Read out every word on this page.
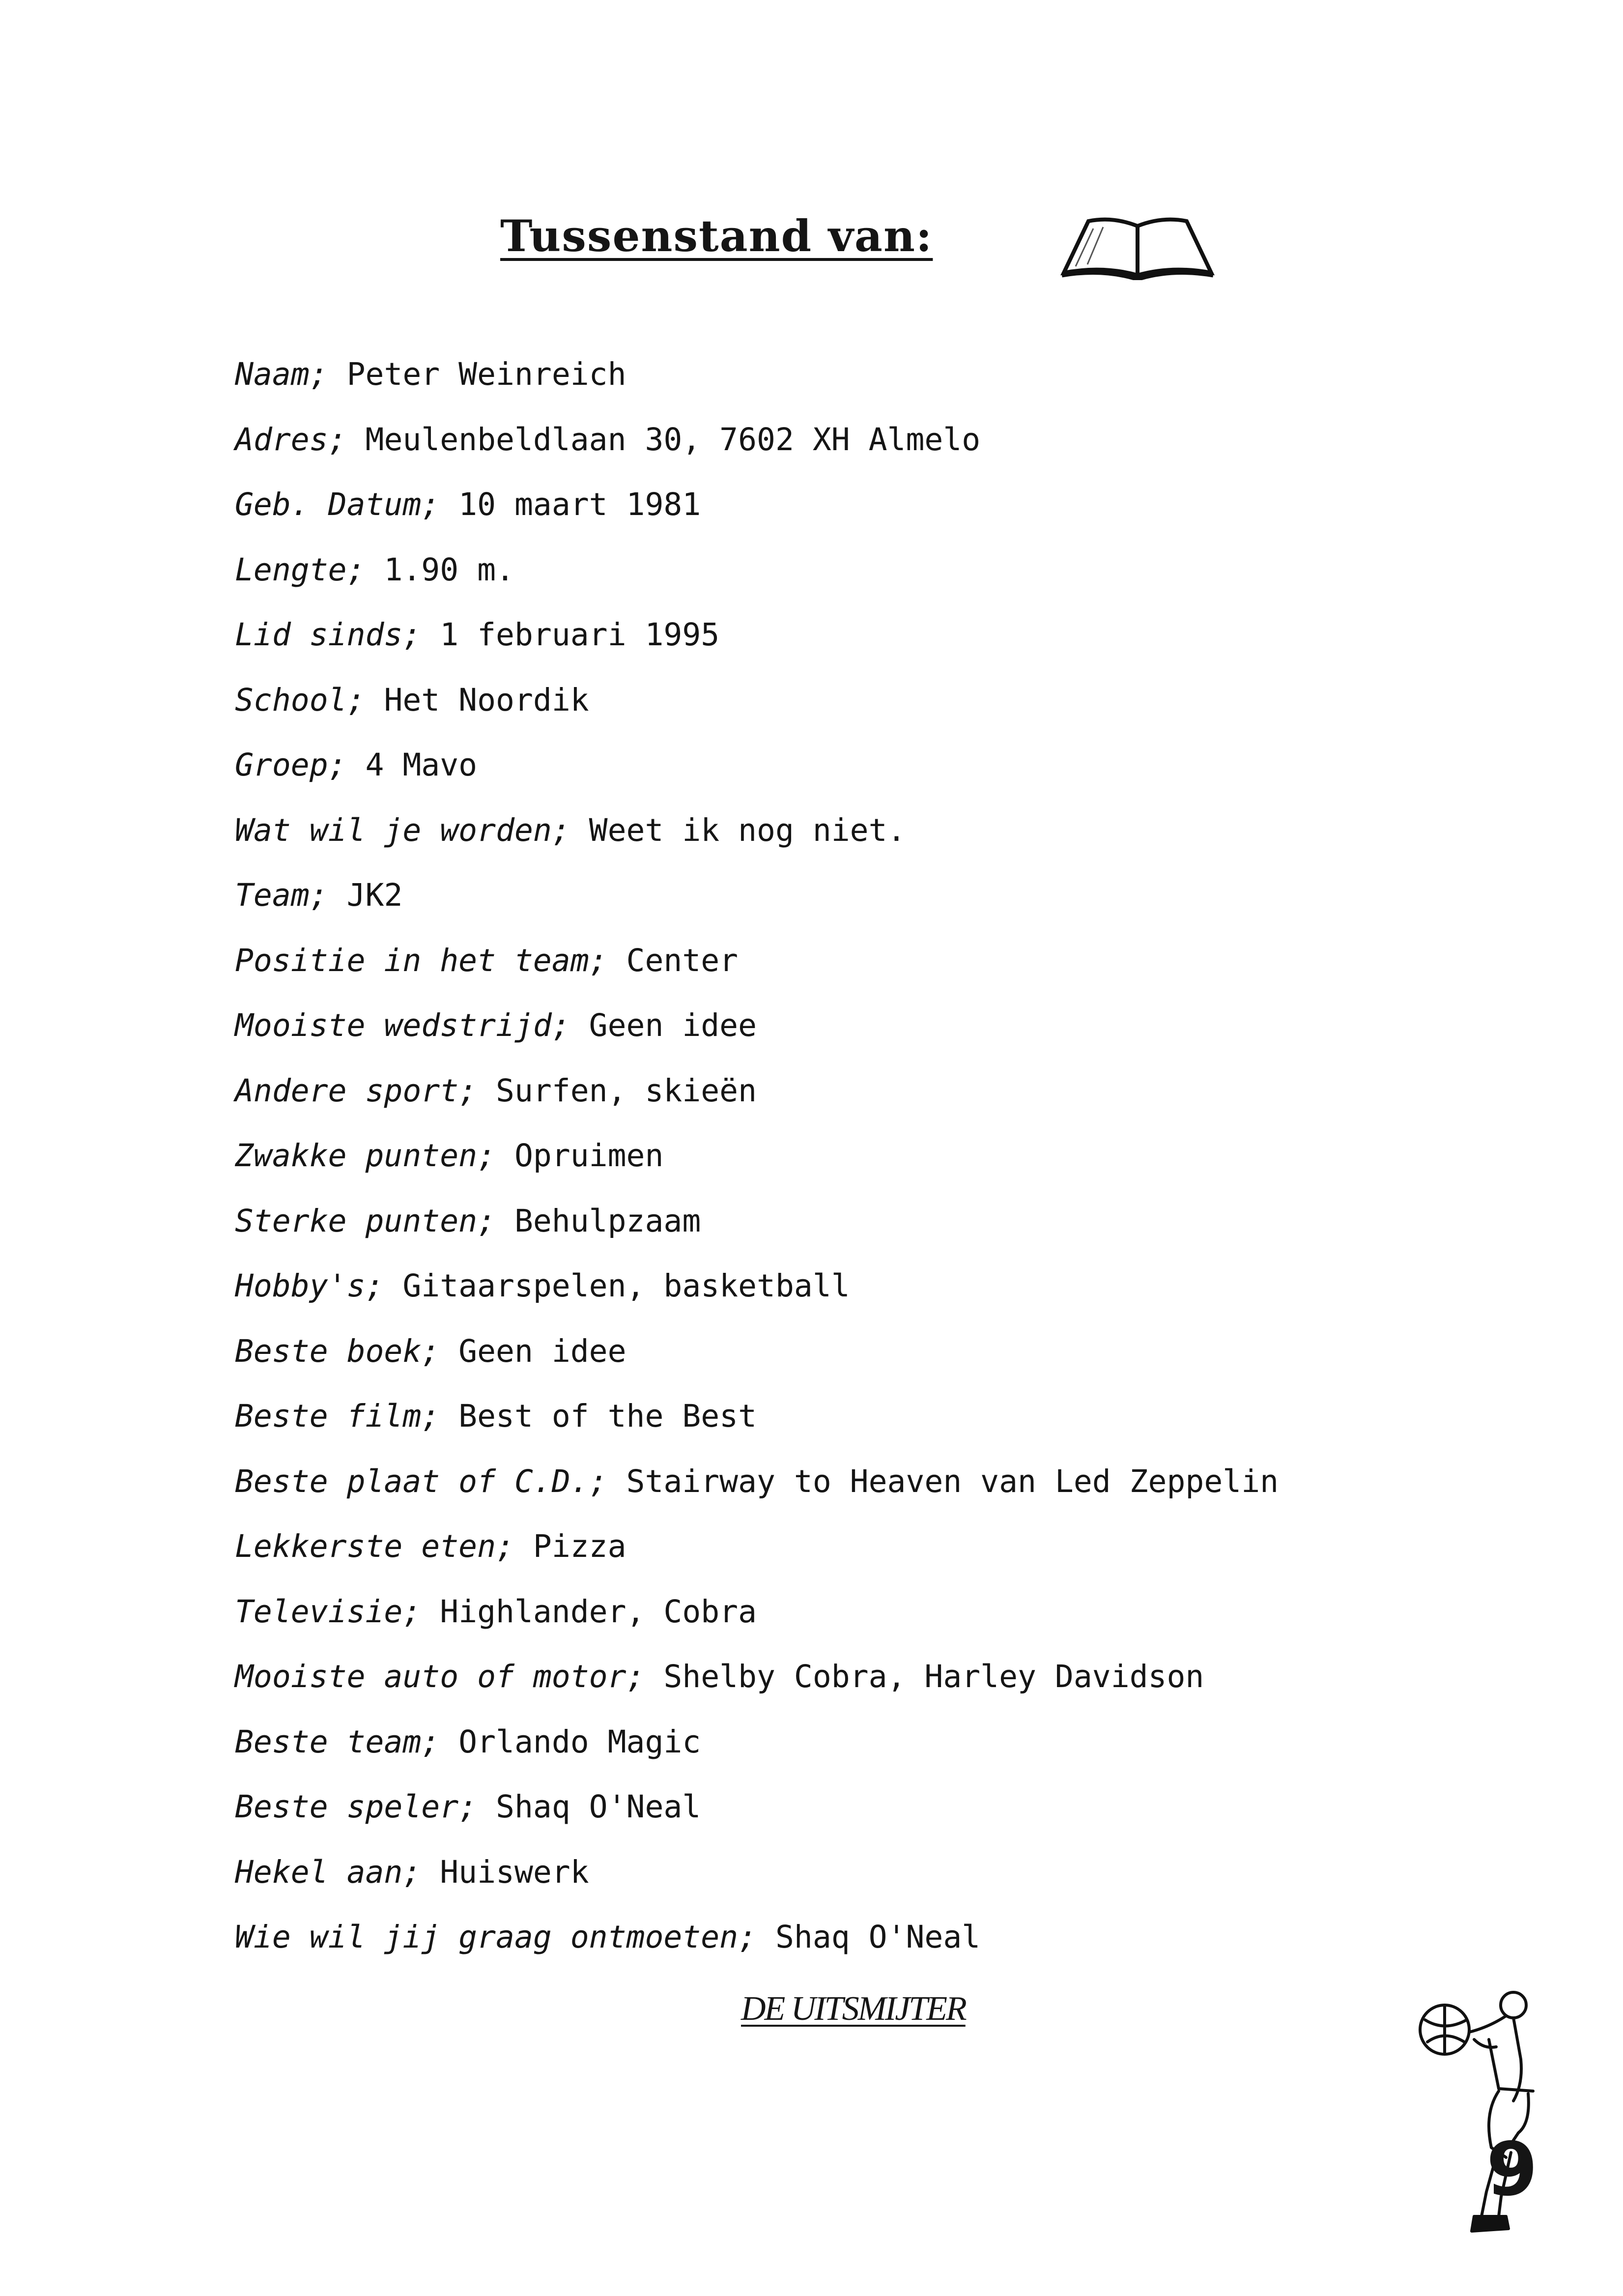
Tussenstand van:
Naam; Peter Weinreich
Adres; Meulenbeldlaan 30, 7602 XH Almelo
Geb. Datum; 10 maart 1981
Lengte; 1.90 m.
Lid sinds; 1 februari 1995
School; Het Noordik
Groep; 4 Mavo
Wat wil je worden; Weet ik nog niet.
Team; JK2
Positie in het team; Center
Mooiste wedstrijd; Geen idee
Andere sport; Surfen, skieën
Zwakke punten; Opruimen
Sterke punten; Behulpzaam
Hobby's; Gitaarspelen, basketball
Beste boek; Geen idee
Beste film; Best of the Best
Beste plaat of C.D.; Stairway to Heaven van Led Zeppelin
Lekkerste eten; Pizza
Televisie; Highlander, Cobra
Mooiste auto of motor; Shelby Cobra, Harley Davidson
Beste team; Orlando Magic
Beste speler; Shaq O'Neal
Hekel aan; Huiswerk
Wie wil jij graag ontmoeten; Shaq O'Neal
DE UITSMIJTER
9
